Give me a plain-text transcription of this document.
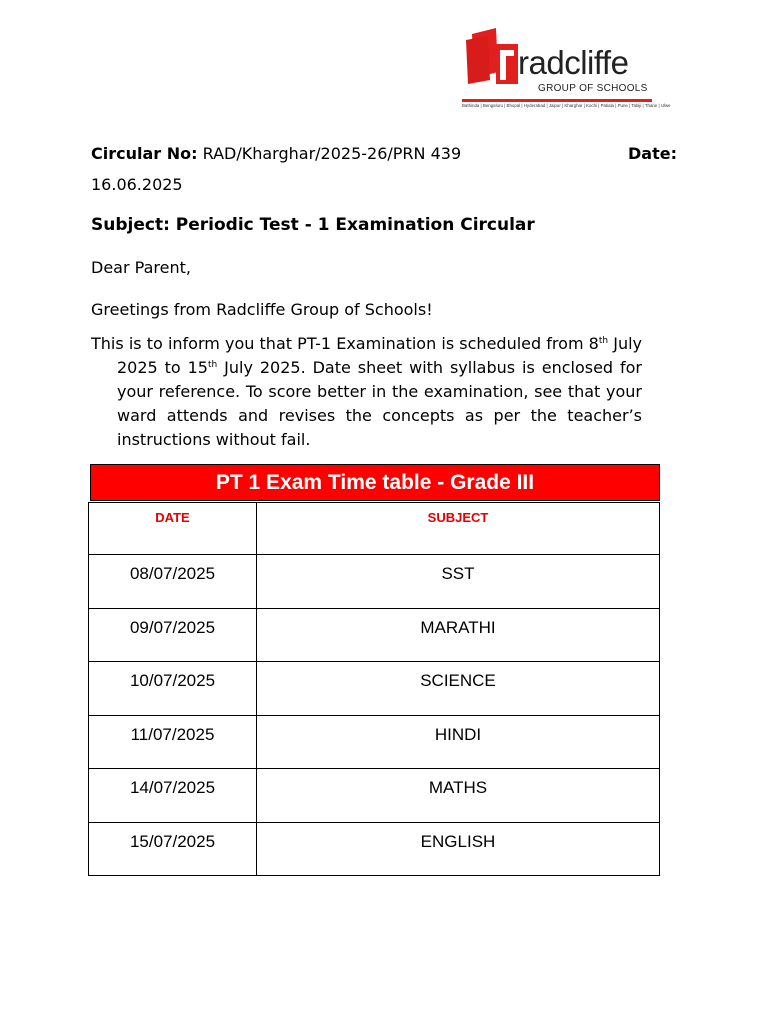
radcliffe
GROUP OF SCHOOLS
Bathinda | Bengaluru | Bhopal | Hyderabad | Jaipur | Kharghar | Kochi | Patiala | Pune | Tabiji | Thane | Ulwe
Circular No: RAD/Kharghar/2025-26/PRN 439	Date:
16.06.2025
Subject: Periodic Test - 1 Examination Circular
Dear Parent,
Greetings from Radcliffe Group of Schools!
This is to inform you that PT-1 Examination is scheduled from 8th July 2025 to 15th July 2025. Date sheet with syllabus is enclosed for your reference. To score better in the examination, see that your ward attends and revises the concepts as per the teacher’s instructions without fail.
PT 1 Exam Time table - Grade III
DATE	SUBJECT
08/07/2025	SST
09/07/2025	MARATHI
10/07/2025	SCIENCE
11/07/2025	HINDI
14/07/2025	MATHS
15/07/2025	ENGLISH
